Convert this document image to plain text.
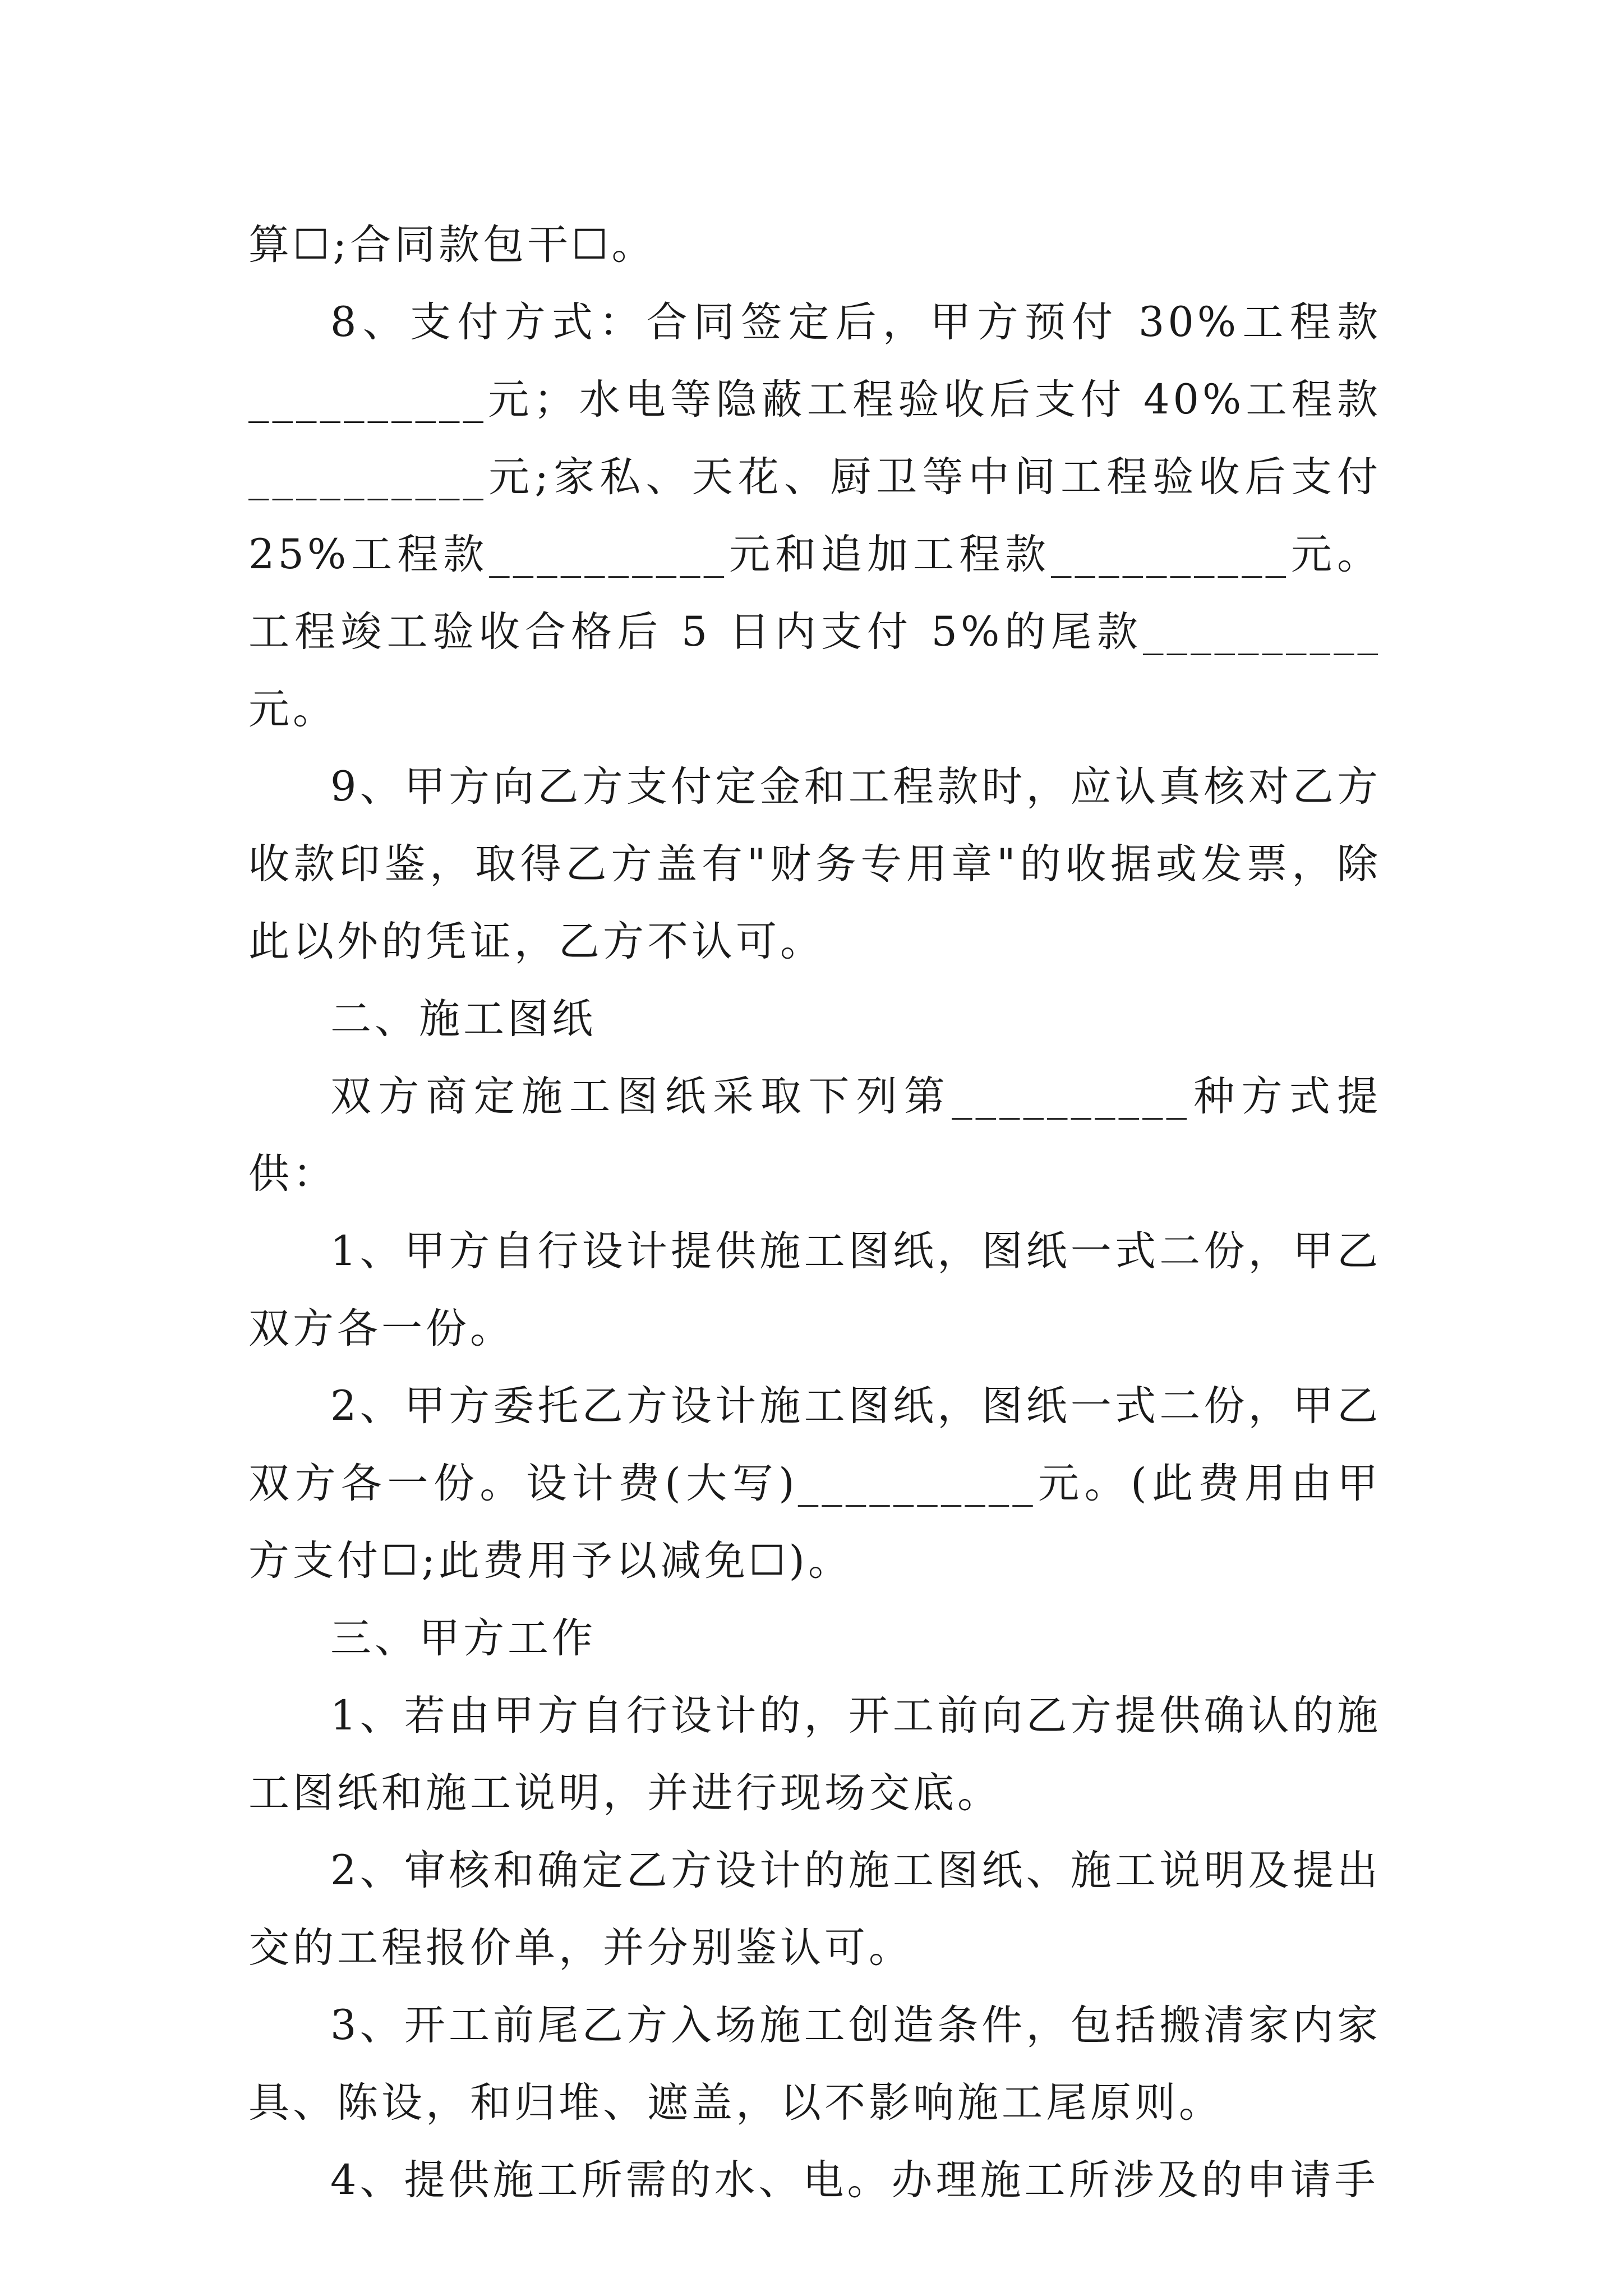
算☐;合同款包干☐。

8、支付方式：合同签定后，甲方预付 30%工程款__________元；水电等隐蔽工程验收后支付 40%工程款__________元;家私、天花、厨卫等中间工程验收后支付 25%工程款__________元和追加工程款__________元。工程竣工验收合格后 5 日内支付 5%的尾款__________元。

9、甲方向乙方支付定金和工程款时，应认真核对乙方收款印鉴，取得乙方盖有"财务专用章"的收据或发票，除此以外的凭证，乙方不认可。

二、施工图纸

双方商定施工图纸采取下列第__________种方式提供：

1、甲方自行设计提供施工图纸，图纸一式二份，甲乙双方各一份。

2、甲方委托乙方设计施工图纸，图纸一式二份，甲乙双方各一份。设计费(大写)__________元。(此费用由甲方支付☐;此费用予以减免☐)。

三、甲方工作

1、若由甲方自行设计的，开工前向乙方提供确认的施工图纸和施工说明，并进行现场交底。

2、审核和确定乙方设计的施工图纸、施工说明及提出交的工程报价单，并分别鉴认可。

3、开工前尾乙方入场施工创造条件，包括搬清家内家具、陈设，和归堆、遮盖，以不影响施工尾原则。

4、提供施工所需的水、电。办理施工所涉及的申请手
